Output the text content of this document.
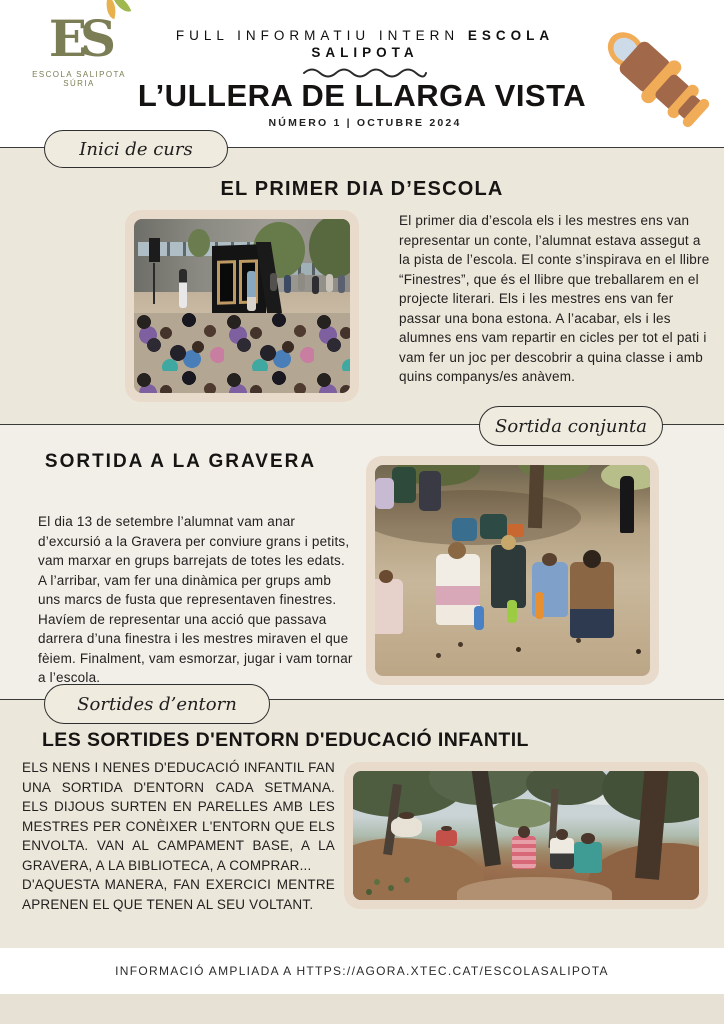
ES
ESCOLA SALIPOTA
SÚRIA
FULL INFORMATIU INTERN ESCOLA SALIPOTA
L’ULLERA DE LLARGA VISTA
NÚMERO 1 | OCTUBRE 2024
Inici de curs
Sortida conjunta
Sortides d’entorn
EL PRIMER DIA D’ESCOLA

El primer dia d’escola els i les mestres ens van representar un conte, l’alumnat estava assegut a la pista de l’escola. El conte s’inspirava en el llibre “Finestres”, que és el llibre que treballarem en el projecte literari. Els i les mestres ens van fer passar una bona estona. A l’acabar, els i les alumnes ens vam repartir en cicles per tot el pati i vam fer un joc per descobrir a quina classe i amb quins companys/es anàvem.

SORTIDA A LA GRAVERA

El dia 13 de setembre l’alumnat vam anar d’excursió a la Gravera per conviure grans i petits, vam marxar en grups barrejats de totes les edats.

A l’arribar, vam fer una dinàmica per grups amb uns marcs de fusta que representaven finestres. Havíem de representar una acció que passava darrera d’una finestra i les mestres miraven el que fèiem. Finalment, vam esmorzar, jugar i vam tornar a l’escola.

LES SORTIDES D'ENTORN D'EDUCACIÓ INFANTIL

ELS NENS I NENES D'EDUCACIÓ INFANTIL FAN UNA SORTIDA D'ENTORN CADA SETMANA. ELS DIJOUS SURTEN EN PARELLES AMB LES MESTRES PER CONÈIXER L'ENTORN QUE ELS ENVOLTA. VAN AL CAMPAMENT BASE, A LA GRAVERA, A LA BIBLIOTECA, A COMPRAR...

D'AQUESTA MANERA, FAN EXERCICI MENTRE APRENEN EL QUE TENEN AL SEU VOLTANT.

INFORMACIÓ AMPLIADA A HTTPS://AGORA.XTEC.CAT/ESCOLASALIPOTA
